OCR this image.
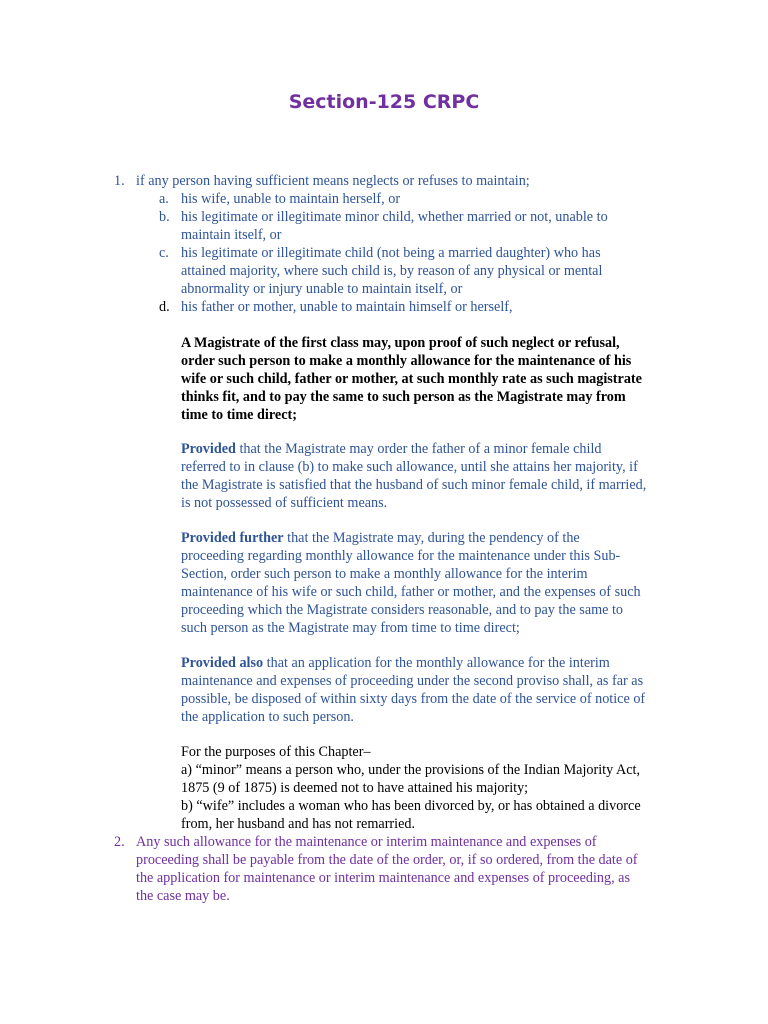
Section-125 CRPC
1. if any person having sufficient means neglects or refuses to maintain;
a. his wife, unable to maintain herself, or
b. his legitimate or illegitimate minor child, whether married or not, unable to
maintain itself, or
c. his legitimate or illegitimate child (not being a married daughter) who has
attained majority, where such child is, by reason of any physical or mental
abnormality or injury unable to maintain itself, or
d. his father or mother, unable to maintain himself or herself,
A Magistrate of the first class may, upon proof of such neglect or refusal,
order such person to make a monthly allowance for the maintenance of his
wife or such child, father or mother, at such monthly rate as such magistrate
thinks fit, and to pay the same to such person as the Magistrate may from
time to time direct;
Provided that the Magistrate may order the father of a minor female child
referred to in clause (b) to make such allowance, until she attains her majority, if
the Magistrate is satisfied that the husband of such minor female child, if married,
is not possessed of sufficient means.
Provided further that the Magistrate may, during the pendency of the
proceeding regarding monthly allowance for the maintenance under this Sub-
Section, order such person to make a monthly allowance for the interim
maintenance of his wife or such child, father or mother, and the expenses of such
proceeding which the Magistrate considers reasonable, and to pay the same to
such person as the Magistrate may from time to time direct;
Provided also that an application for the monthly allowance for the interim
maintenance and expenses of proceeding under the second proviso shall, as far as
possible, be disposed of within sixty days from the date of the service of notice of
the application to such person.
For the purposes of this Chapter–
a) “minor” means a person who, under the provisions of the Indian Majority Act,
1875 (9 of 1875) is deemed not to have attained his majority;
b) “wife” includes a woman who has been divorced by, or has obtained a divorce
from, her husband and has not remarried.
2. Any such allowance for the maintenance or interim maintenance and expenses of
proceeding shall be payable from the date of the order, or, if so ordered, from the date of
the application for maintenance or interim maintenance and expenses of proceeding, as
the case may be.
